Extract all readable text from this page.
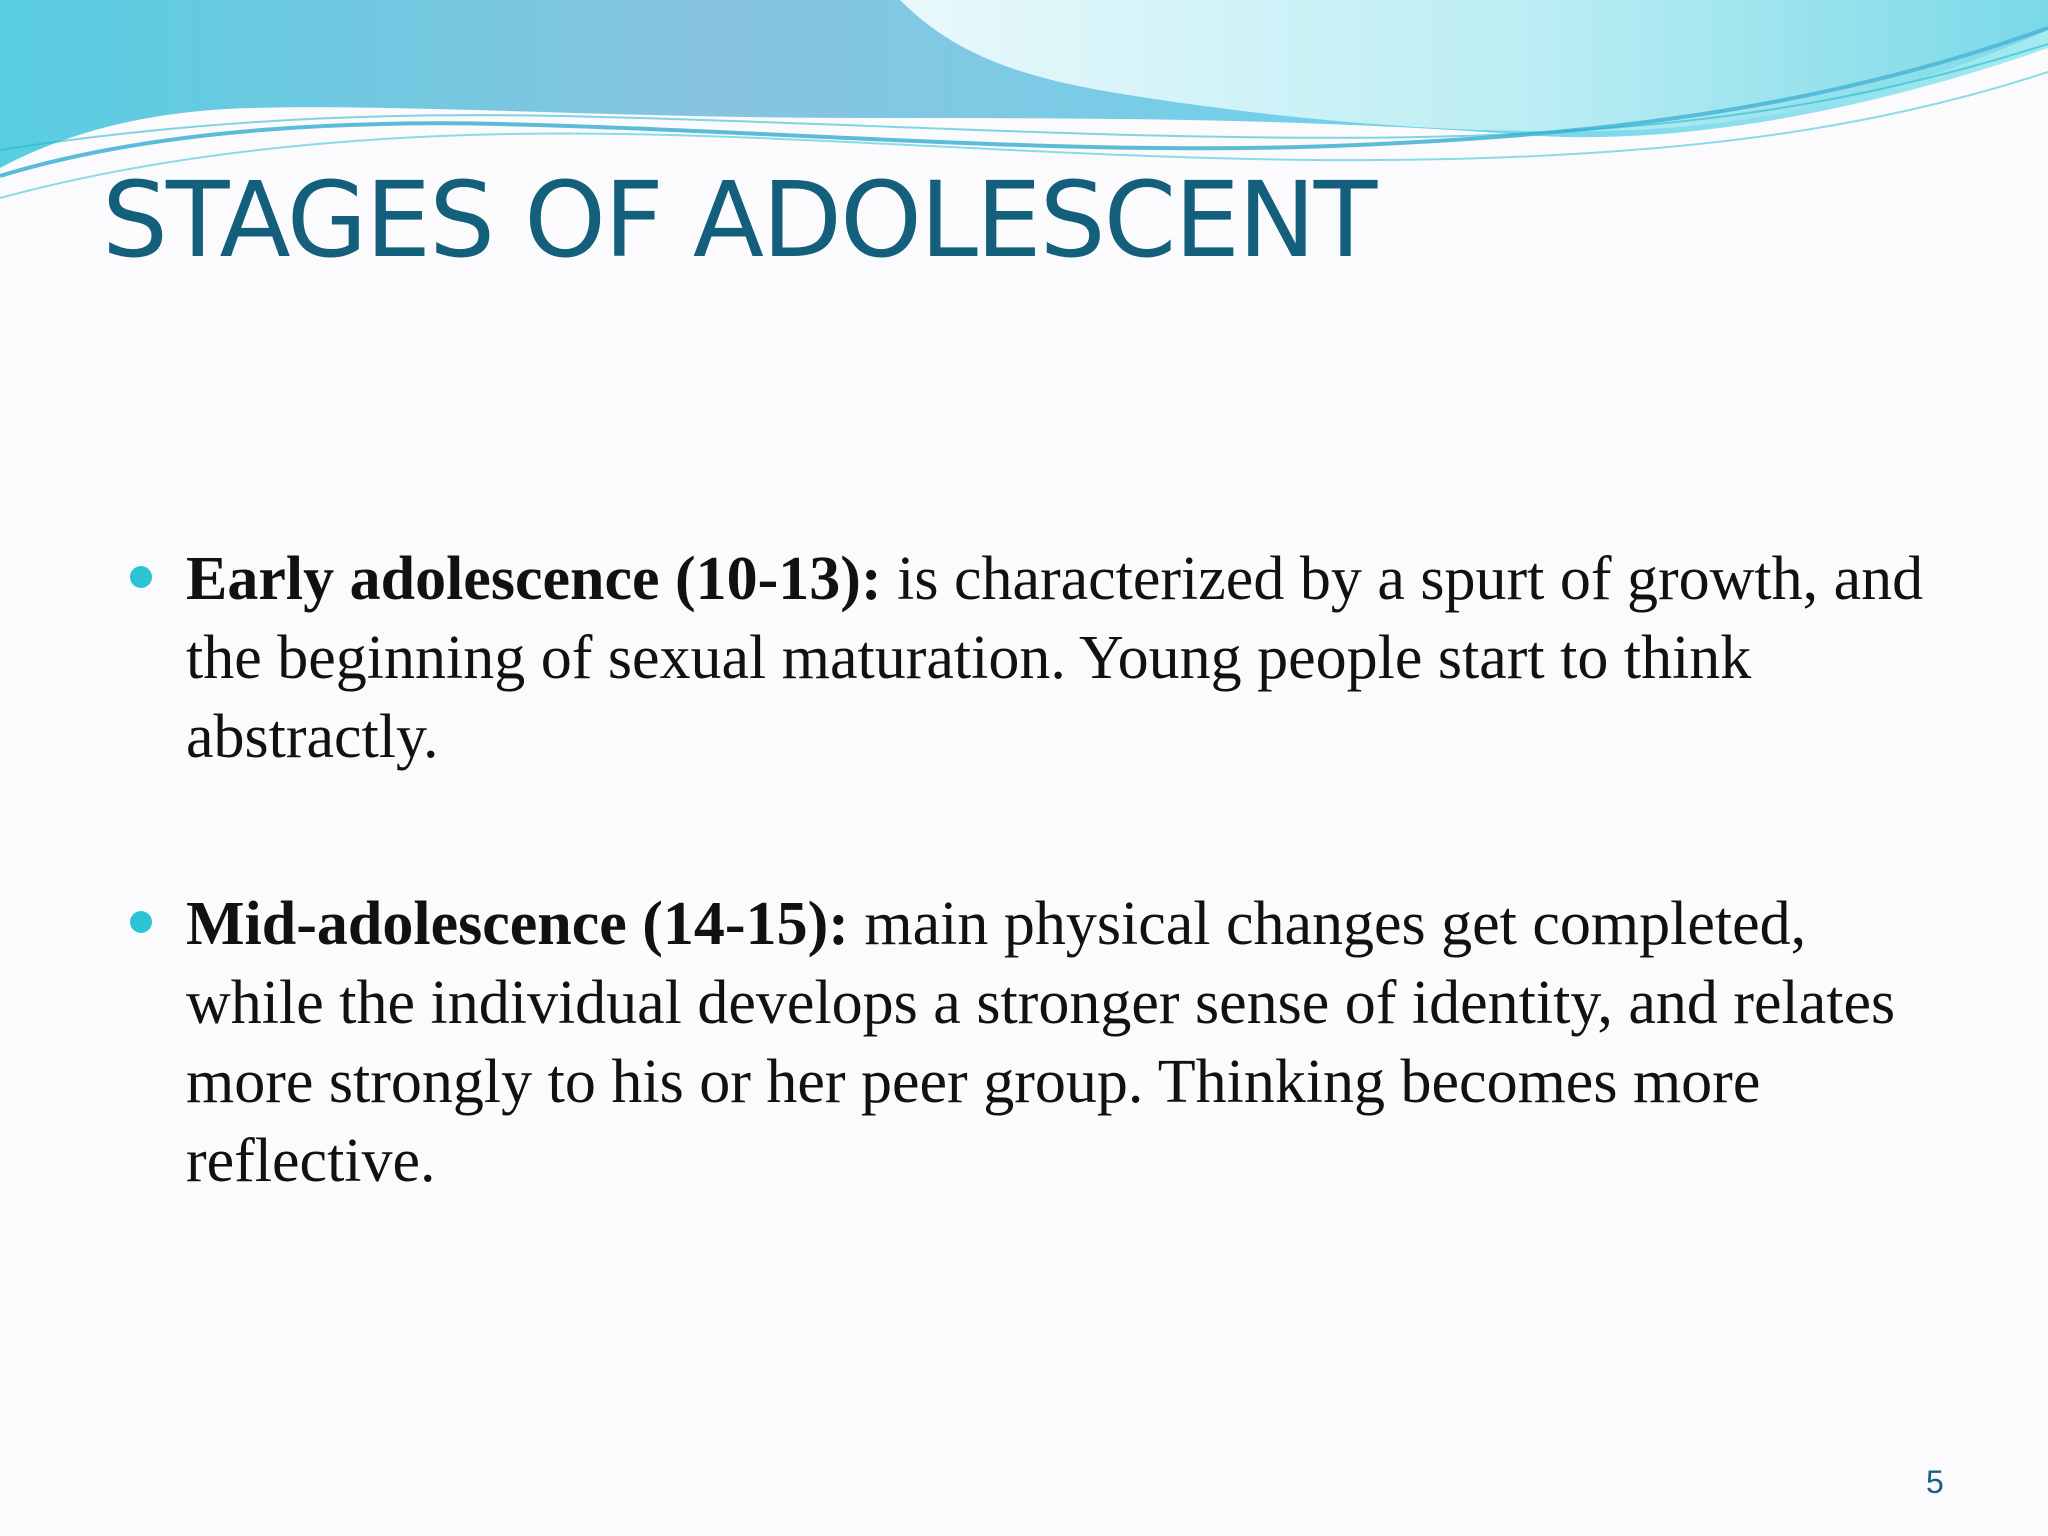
STAGES OF ADOLESCENT
Early adolescence (10-13): is characterized by a spurt of growth, and the beginning of sexual maturation. Young people start to think abstractly.
Mid-adolescence (14-15): main physical changes get completed, while the individual develops a stronger sense of identity, and relates more strongly to his or her peer group. Thinking becomes more reflective.
5
